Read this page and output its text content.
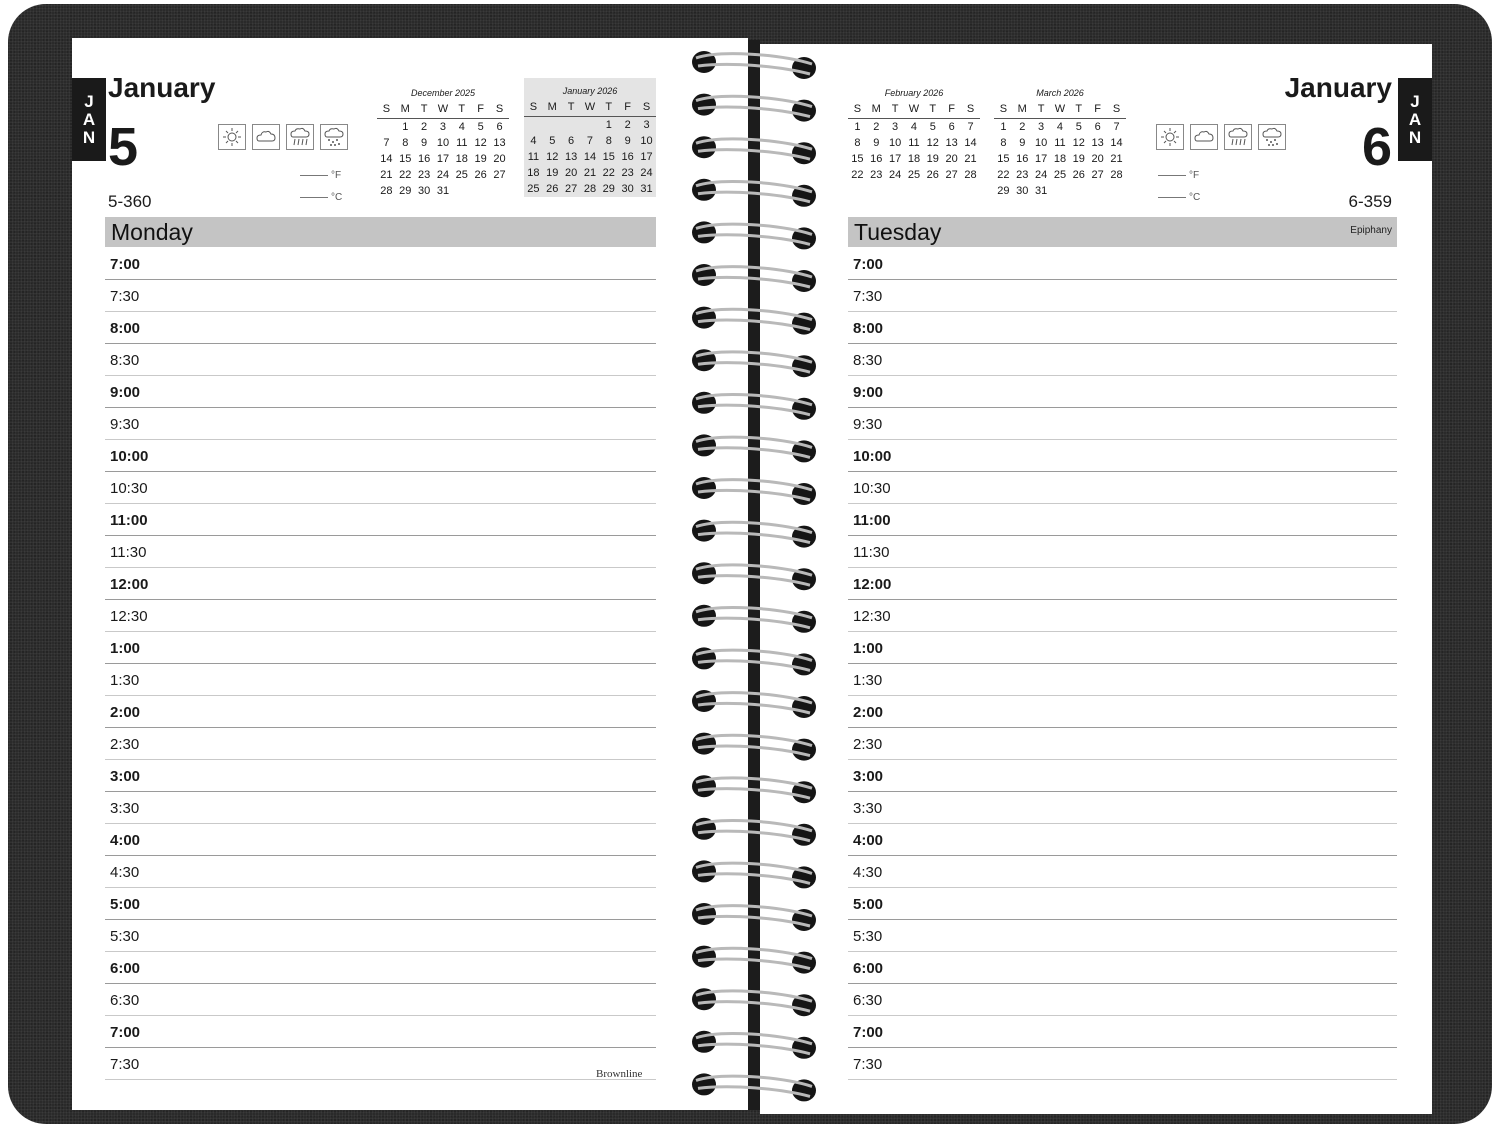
J
A
N
January
5
5-360
°F
°C
December 2025
S	M	T	W	T	F	S
	1	2	3	4	5	6
7	8	9	10	11	12	13
14	15	16	17	18	19	20
21	22	23	24	25	26	27
28	29	30	31			
January 2026
S	M	T	W	T	F	S
				1	2	3
4	5	6	7	8	9	10
11	12	13	14	15	16	17
18	19	20	21	22	23	24
25	26	27	28	29	30	31
Monday
7:00
7:30
8:00
8:30
9:00
9:30
10:00
10:30
11:00
11:30
12:00
12:30
1:00
1:30
2:00
2:30
3:00
3:30
4:00
4:30
5:00
5:30
6:00
6:30
7:00
7:30
Brownline
J
A
N
January
6
6-359
°F
°C
February 2026
S	M	T	W	T	F	S
1	2	3	4	5	6	7
8	9	10	11	12	13	14
15	16	17	18	19	20	21
22	23	24	25	26	27	28
March 2026
S	M	T	W	T	F	S
1	2	3	4	5	6	7
8	9	10	11	12	13	14
15	16	17	18	19	20	21
22	23	24	25	26	27	28
29	30	31				
Tuesday	Epiphany
7:00
7:30
8:00
8:30
9:00
9:30
10:00
10:30
11:00
11:30
12:00
12:30
1:00
1:30
2:00
2:30
3:00
3:30
4:00
4:30
5:00
5:30
6:00
6:30
7:00
7:30
